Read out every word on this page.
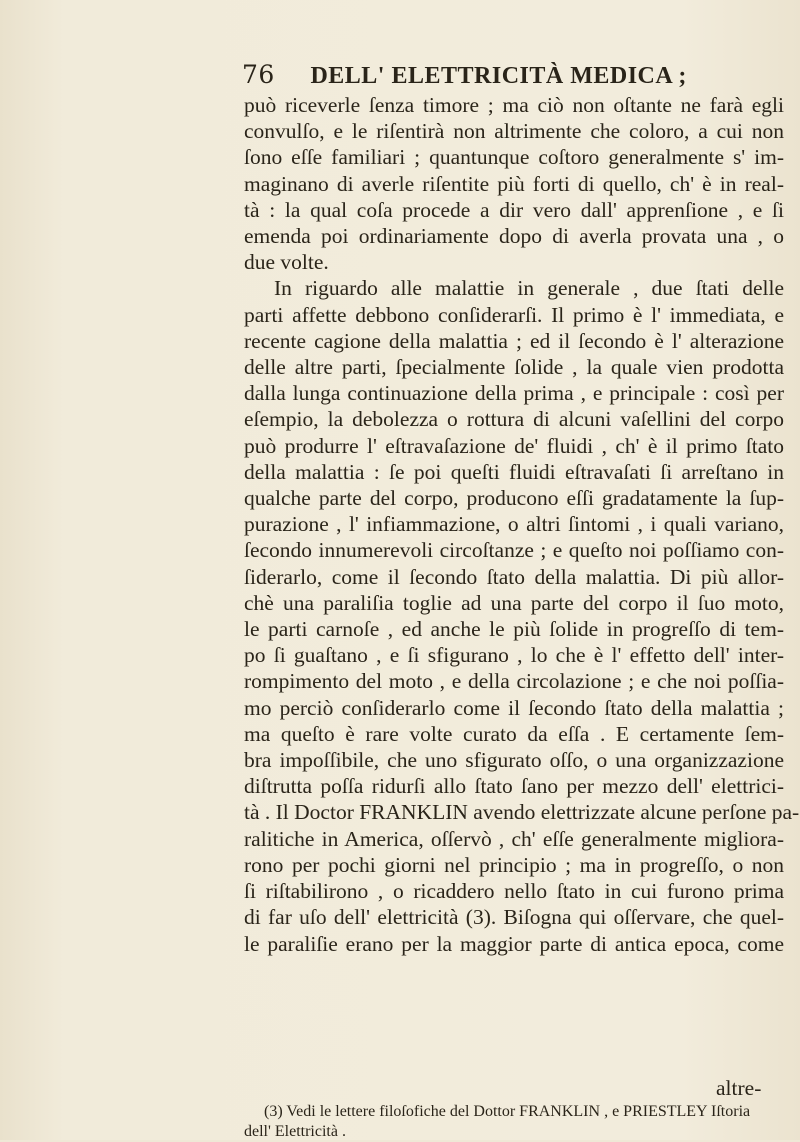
76 DELL' ELETTRICITÀ MEDICA ;
può riceverle ſenza timore ; ma ciò non oſtante ne farà egli
convulſo, e le riſentirà non altrimente che coloro, a cui non
ſono eſſe familiari ; quantunque coſtoro generalmente s' im-
maginano di averle riſentite più forti di quello, ch' è in real-
tà : la qual coſa procede a dir vero dall' apprenſione , e ſi
emenda poi ordinariamente dopo di averla provata una , o
due volte.
In riguardo alle malattie in generale , due ſtati delle
parti affette debbono conſiderarſi. Il primo è l' immediata, e
recente cagione della malattia ; ed il ſecondo è l' alterazione
delle altre parti, ſpecialmente ſolide , la quale vien prodotta
dalla lunga continuazione della prima , e principale : così per
eſempio, la debolezza o rottura di alcuni vaſellini del corpo
può produrre l' eſtravaſazione de' fluidi , ch' è il primo ſtato
della malattia : ſe poi queſti fluidi eſtravaſati ſi arreſtano in
qualche parte del corpo, producono eſſi gradatamente la ſup-
purazione , l' infiammazione, o altri ſintomi , i quali variano,
ſecondo innumerevoli circoſtanze ; e queſto noi poſſiamo con-
ſiderarlo, come il ſecondo ſtato della malattia. Di più allor-
chè una paraliſia toglie ad una parte del corpo il ſuo moto,
le parti carnoſe , ed anche le più ſolide in progreſſo di tem-
po ſi guaſtano , e ſi sfigurano , lo che è l' effetto dell' inter-
rompimento del moto , e della circolazione ; e che noi poſſia-
mo perciò conſiderarlo come il ſecondo ſtato della malattia ;
ma queſto è rare volte curato da eſſa . E certamente ſem-
bra impoſſibile, che uno sfigurato oſſo, o una organizzazione
diſtrutta poſſa ridurſi allo ſtato ſano per mezzo dell' elettrici-
tà . Il Doctor FRANKLIN avendo elettrizzate alcune perſone pa-
ralitiche in America, oſſervò , ch' eſſe generalmente migliora-
rono per pochi giorni nel principio ; ma in progreſſo, o non
ſi riſtabilirono , o ricaddero nello ſtato in cui furono prima
di far uſo dell' elettricità (3). Biſogna qui oſſervare, che quel-
le paraliſie erano per la maggior parte di antica epoca, come
altre-
(3) Vedi le lettere filoſofiche del Dottor FRANKLIN , e PRIESTLEY Iſtoria
dell' Elettricità .
